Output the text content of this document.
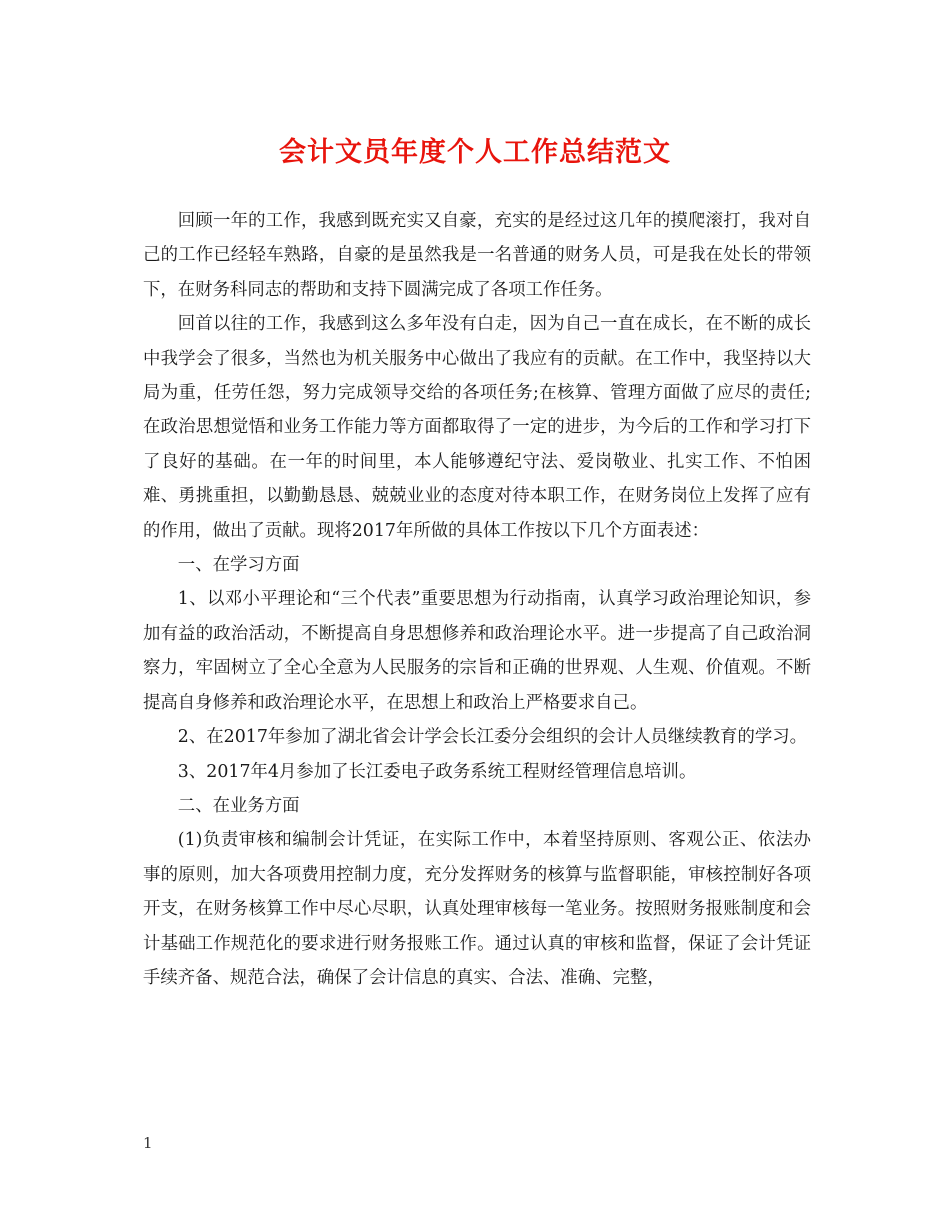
会计文员年度个人工作总结范文

回顾一年的工作，我感到既充实又自豪，充实的是经过这几年的摸爬滚打，我对自己的工作已经轻车熟路，自豪的是虽然我是一名普通的财务人员，可是我在处长的带领下，在财务科同志的帮助和支持下圆满完成了各项工作任务。

回首以往的工作，我感到这么多年没有白走，因为自己一直在成长，在不断的成长中我学会了很多，当然也为机关服务中心做出了我应有的贡献。在工作中，我坚持以大局为重，任劳任怨，努力完成领导交给的各项任务;在核算、管理方面做了应尽的责任;在政治思想觉悟和业务工作能力等方面都取得了一定的进步，为今后的工作和学习打下了良好的基础。在一年的时间里，本人能够遵纪守法、爱岗敬业、扎实工作、不怕困难、勇挑重担，以勤勤恳恳、兢兢业业的态度对待本职工作，在财务岗位上发挥了应有的作用，做出了贡献。现将2017年所做的具体工作按以下几个方面表述：

一、在学习方面

1、以邓小平理论和“三个代表”重要思想为行动指南，认真学习政治理论知识，参加有益的政治活动，不断提高自身思想修养和政治理论水平。进一步提高了自己政治洞察力，牢固树立了全心全意为人民服务的宗旨和正确的世界观、人生观、价值观。不断提高自身修养和政治理论水平，在思想上和政治上严格要求自己。

2、在2017年参加了湖北省会计学会长江委分会组织的会计人员继续教育的学习。

3、2017年4月参加了长江委电子政务系统工程财经管理信息培训。

二、在业务方面

(1)负责审核和编制会计凭证，在实际工作中，本着坚持原则、客观公正、依法办事的原则，加大各项费用控制力度，充分发挥财务的核算与监督职能，审核控制好各项开支，在财务核算工作中尽心尽职，认真处理审核每一笔业务。按照财务报账制度和会计基础工作规范化的要求进行财务报账工作。通过认真的审核和监督，保证了会计凭证手续齐备、规范合法，确保了会计信息的真实、合法、准确、完整，

1
